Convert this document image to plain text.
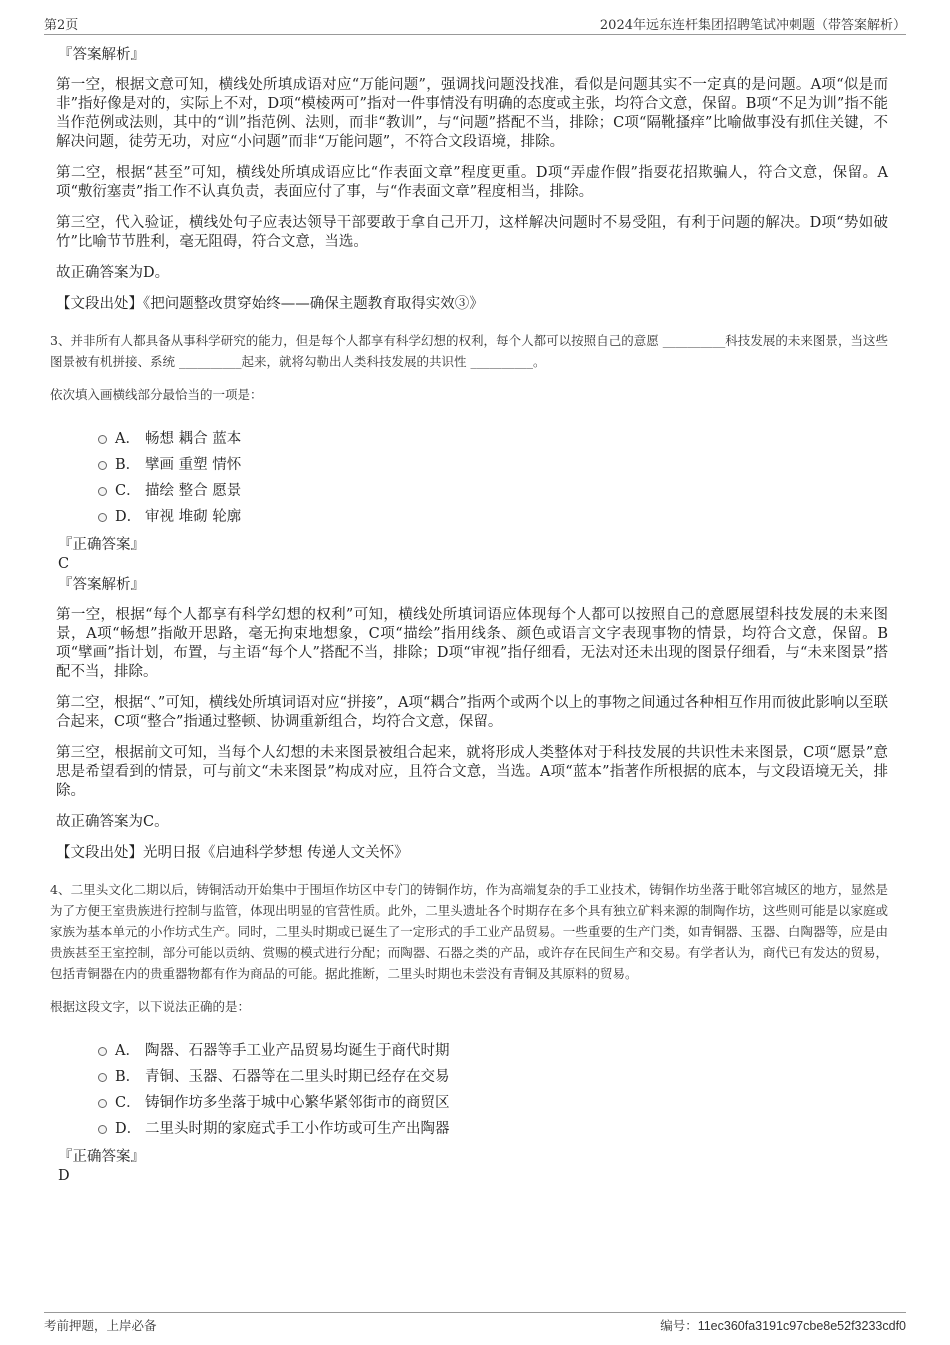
第2页	2024年远东连杆集团招聘笔试冲刺题（带答案解析）
『答案解析』

第一空，根据文意可知，横线处所填成语对应“万能问题”，强调找问题没找准，看似是问题其实不一定真的是问题。A项“似是而非”指好像是对的，实际上不对，D项“模棱两可”指对一件事情没有明确的态度或主张，均符合文意，保留。B项“不足为训”指不能当作范例或法则，其中的“训”指范例、法则，而非“教训”，与“问题”搭配不当，排除；C项“隔靴搔痒”比喻做事没有抓住关键，不解决问题，徒劳无功，对应“小问题”而非“万能问题”，不符合文段语境，排除。

第二空，根据“甚至”可知，横线处所填成语应比“作表面文章”程度更重。D项“弄虚作假”指耍花招欺骗人，符合文意，保留。A项“敷衍塞责”指工作不认真负责，表面应付了事，与“作表面文章”程度相当，排除。

第三空，代入验证，横线处句子应表达领导干部要敢于拿自己开刀，这样解决问题时不易受阻，有利于问题的解决。D项“势如破竹”比喻节节胜利，毫无阻碍，符合文意，当选。

故正确答案为D。

【文段出处】《把问题整改贯穿始终——确保主题教育取得实效③》

3、并非所有人都具备从事科学研究的能力，但是每个人都享有科学幻想的权利，每个人都可以按照自己的意愿 __________科技发展的未来图景，当这些图景被有机拼接、系统 __________起来，就将勾勒出人类科技发展的共识性 __________。

依次填入画横线部分最恰当的一项是：

A． 畅想 耦合 蓝本
B． 擘画 重塑 情怀
C． 描绘 整合 愿景
D． 审视 堆砌 轮廓
『正确答案』
C
『答案解析』

第一空，根据“每个人都享有科学幻想的权利”可知，横线处所填词语应体现每个人都可以按照自己的意愿展望科技发展的未来图景，A项“畅想”指敞开思路，毫无拘束地想象，C项“描绘”指用线条、颜色或语言文字表现事物的情景，均符合文意，保留。B项“擘画”指计划，布置，与主语“每个人”搭配不当，排除；D项“审视”指仔细看，无法对还未出现的图景仔细看，与“未来图景”搭配不当，排除。

第二空，根据“、”可知，横线处所填词语对应“拼接”，A项“耦合”指两个或两个以上的事物之间通过各种相互作用而彼此影响以至联合起来，C项“整合”指通过整顿、协调重新组合，均符合文意，保留。

第三空，根据前文可知，当每个人幻想的未来图景被组合起来，就将形成人类整体对于科技发展的共识性未来图景，C项“愿景”意思是希望看到的情景，可与前文“未来图景”构成对应，且符合文意，当选。A项“蓝本”指著作所根据的底本，与文段语境无关，排除。

故正确答案为C。

【文段出处】光明日报《启迪科学梦想 传递人文关怀》

4、二里头文化二期以后，铸铜活动开始集中于围垣作坊区中专门的铸铜作坊，作为高端复杂的手工业技术，铸铜作坊坐落于毗邻宫城区的地方，显然是为了方便王室贵族进行控制与监管，体现出明显的官营性质。此外，二里头遗址各个时期存在多个具有独立矿料来源的制陶作坊，这些则可能是以家庭或家族为基本单元的小作坊式生产。同时，二里头时期或已诞生了一定形式的手工业产品贸易。一些重要的生产门类，如青铜器、玉器、白陶器等，应是由贵族甚至王室控制，部分可能以贡纳、赏赐的模式进行分配；而陶器、石器之类的产品，或许存在民间生产和交易。有学者认为，商代已有发达的贸易，包括青铜器在内的贵重器物都有作为商品的可能。据此推断，二里头时期也未尝没有青铜及其原料的贸易。

根据这段文字，以下说法正确的是：

A． 陶器、石器等手工业产品贸易均诞生于商代时期
B． 青铜、玉器、石器等在二里头时期已经存在交易
C． 铸铜作坊多坐落于城中心繁华紧邻街市的商贸区
D． 二里头时期的家庭式手工小作坊或可生产出陶器
『正确答案』
D
考前押题，上岸必备	编号：11ec360fa3191c97cbe8e52f3233cdf0
